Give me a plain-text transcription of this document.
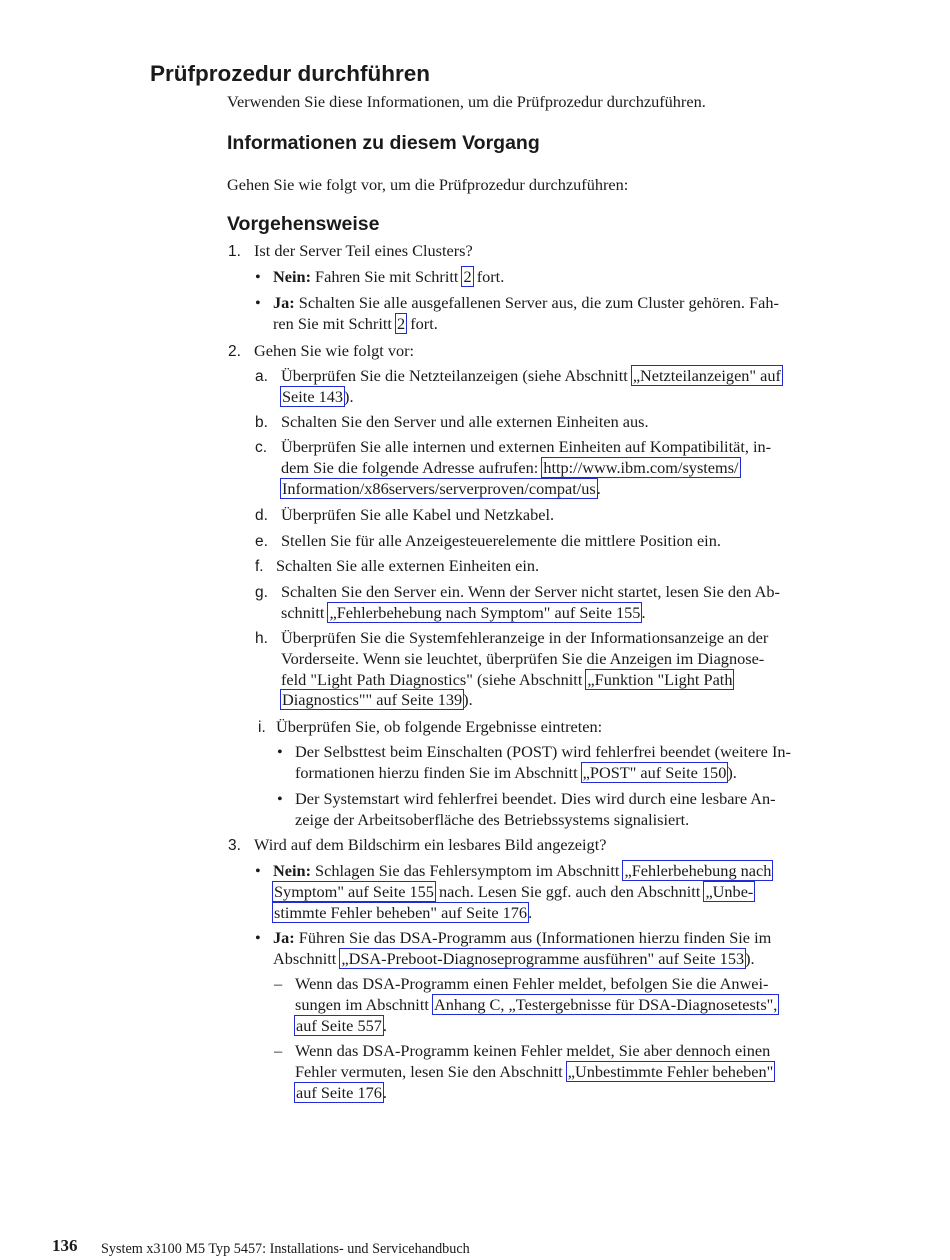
Prüfprozedur durchführen
Verwenden Sie diese Informationen, um die Prüfprozedur durchzuführen.
Informationen zu diesem Vorgang
Gehen Sie wie folgt vor, um die Prüfprozedur durchzuführen:
Vorgehensweise
1. Ist der Server Teil eines Clusters?
• Nein: Fahren Sie mit Schritt 2 fort.
• Ja: Schalten Sie alle ausgefallenen Server aus, die zum Cluster gehören. Fah-
ren Sie mit Schritt 2 fort.
2. Gehen Sie wie folgt vor:
a. Überprüfen Sie die Netzteilanzeigen (siehe Abschnitt „Netzteilanzeigen" auf
Seite 143).
b. Schalten Sie den Server und alle externen Einheiten aus.
c. Überprüfen Sie alle internen und externen Einheiten auf Kompatibilität, in-
dem Sie die folgende Adresse aufrufen: http://www.ibm.com/systems/
Information/x86servers/serverproven/compat/us.
d. Überprüfen Sie alle Kabel und Netzkabel.
e. Stellen Sie für alle Anzeigesteuerelemente die mittlere Position ein.
f. Schalten Sie alle externen Einheiten ein.
g. Schalten Sie den Server ein. Wenn der Server nicht startet, lesen Sie den Ab-
schnitt „Fehlerbehebung nach Symptom" auf Seite 155.
h. Überprüfen Sie die Systemfehleranzeige in der Informationsanzeige an der
Vorderseite. Wenn sie leuchtet, überprüfen Sie die Anzeigen im Diagnose-
feld "Light Path Diagnostics" (siehe Abschnitt „Funktion "Light Path
Diagnostics"" auf Seite 139).
i. Überprüfen Sie, ob folgende Ergebnisse eintreten:
• Der Selbsttest beim Einschalten (POST) wird fehlerfrei beendet (weitere In-
formationen hierzu finden Sie im Abschnitt „POST" auf Seite 150).
• Der Systemstart wird fehlerfrei beendet. Dies wird durch eine lesbare An-
zeige der Arbeitsoberfläche des Betriebssystems signalisiert.
3. Wird auf dem Bildschirm ein lesbares Bild angezeigt?
• Nein: Schlagen Sie das Fehlersymptom im Abschnitt „Fehlerbehebung nach
Symptom" auf Seite 155 nach. Lesen Sie ggf. auch den Abschnitt „Unbe-
stimmte Fehler beheben" auf Seite 176.
• Ja: Führen Sie das DSA-Programm aus (Informationen hierzu finden Sie im
Abschnitt „DSA-Preboot-Diagnoseprogramme ausführen" auf Seite 153).
– Wenn das DSA-Programm einen Fehler meldet, befolgen Sie die Anwei-
sungen im Abschnitt Anhang C, „Testergebnisse für DSA-Diagnosetests",
auf Seite 557.
– Wenn das DSA-Programm keinen Fehler meldet, Sie aber dennoch einen
Fehler vermuten, lesen Sie den Abschnitt „Unbestimmte Fehler beheben"
auf Seite 176.
136 System x3100 M5 Typ 5457: Installations- und Servicehandbuch
